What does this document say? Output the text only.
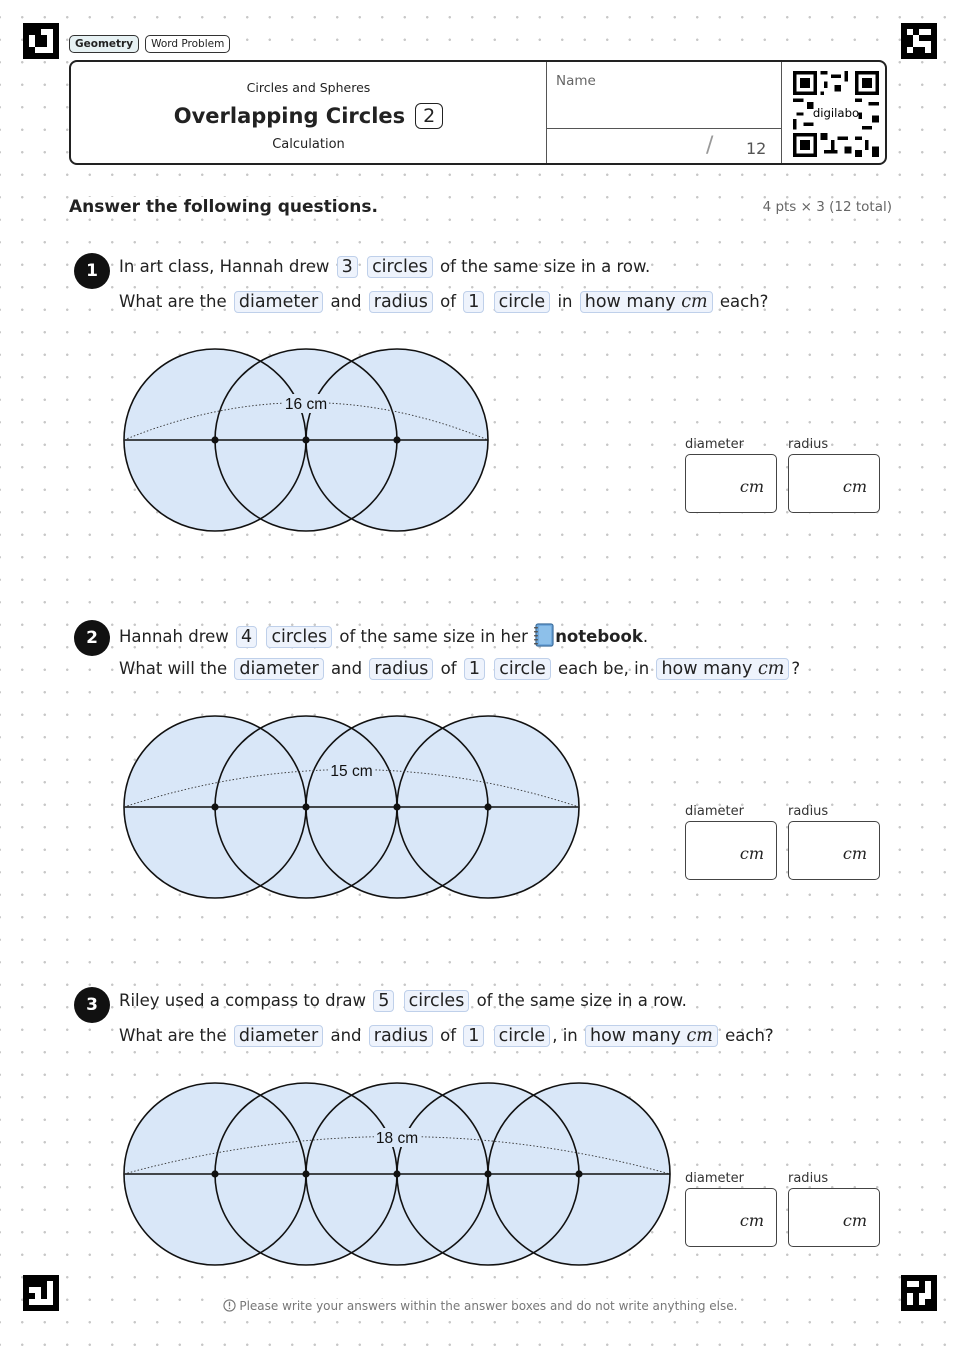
Geometry	Word Problem
Circles and Spheres
Overlapping Circles 2
Calculation
Name
/ 12
digilabo
Answer the following questions.	4 pts × 3 (12 total)
1	In art class, Hannah drew 3 circles of the same size in a row.
What are the diameter and radius of 1 circle in how many cm each?
16 cm
diameter
cm
radius
cm
2	Hannah drew 4 circles of the same size in her notebook.
What will the diameter and radius of 1 circle each be, in how many cm ?
15 cm
diameter
cm
radius
cm
3	Riley used a compass to draw 5 circles of the same size in a row.
What are the diameter and radius of 1 circle , in how many cm each?
18 cm
diameter
cm
radius
cm
Please write your answers within the answer boxes and do not write anything else.
